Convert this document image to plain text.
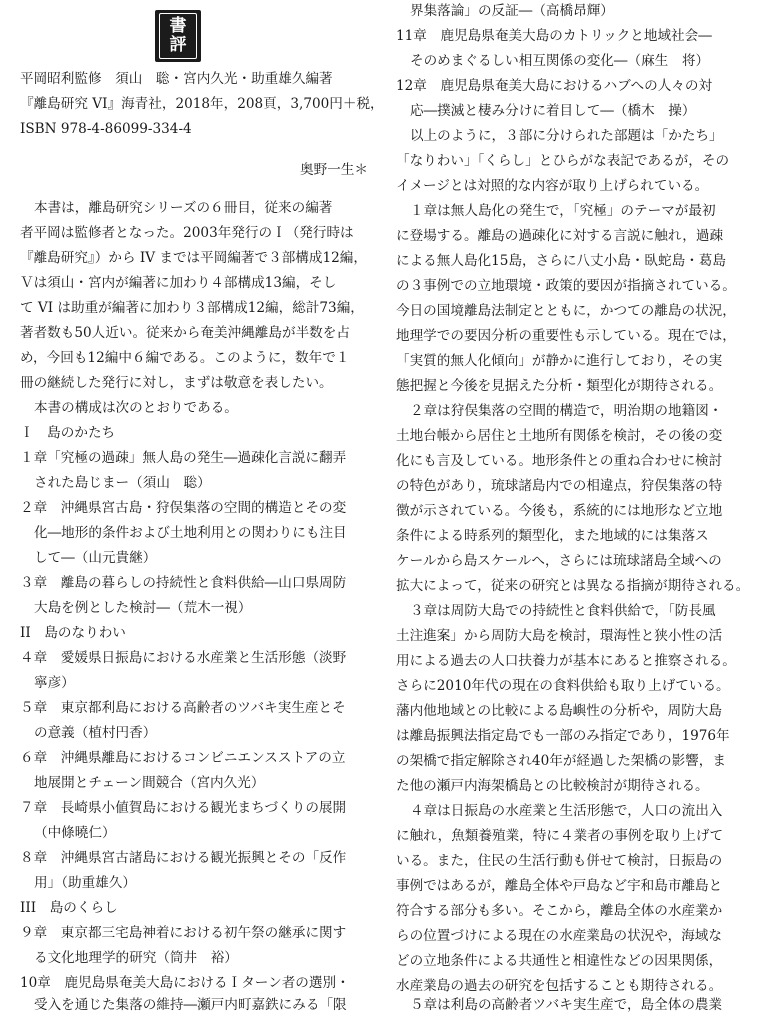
書
評
奥野一生＊
平岡昭利監修　須山　聡・宮内久光・助重雄久編著
『離島研究 VI』海青社，2018年，208頁，3,700円＋税，
ISBN 978-4-86099-334-4
本書は，離島研究シリーズの６冊目，従来の編著
者平岡は監修者となった。2003年発行のＩ（発行時は
『離島研究』）から IV までは平岡編著で３部構成12編，
Ｖは須山・宮内が編著に加わり４部構成13編，そし
て VI は助重が編著に加わり３部構成12編，総計73編，
著者数も50人近い。従来から奄美沖縄離島が半数を占
め，今回も12編中６編である。このように，数年で１
冊の継続した発行に対し，まずは敬意を表したい。
本書の構成は次のとおりである。
Ｉ　島のかたち
１章「究極の過疎」無人島の発生―過疎化言説に翻弄
された島じまー（須山　聡）
２章　沖縄県宮古島・狩俣集落の空間的構造とその変
化―地形的条件および土地利用との関わりにも注目
して―（山元貴継）
３章　離島の暮らしの持続性と食料供給―山口県周防
大島を例とした検討―（荒木一視）
II　島のなりわい
４章　愛媛県日振島における水産業と生活形態（淡野
寧彦）
５章　東京都利島における高齢者のツバキ実生産とそ
の意義（植村円香）
６章　沖縄県離島におけるコンビニエンスストアの立
地展開とチェーン間競合（宮内久光）
７章　長崎県小値賀島における観光まちづくりの展開
（中條曉仁）
８章　沖縄県宮古諸島における観光振興とその「反作
用」（助重雄久）
III　島のくらし
９章　東京都三宅島神着における初午祭の継承に関す
る文化地理学的研究（筒井　裕）
10章　鹿児島県奄美大島におけるＩターン者の選別・
受入を通じた集落の維持―瀬戸内町嘉鉄にみる「限
界集落論」の反証―（高橋昂輝）
11章　鹿児島県奄美大島のカトリックと地域社会―
そのめまぐるしい相互関係の変化―（麻生　将）
12章　鹿児島県奄美大島におけるハブへの人々の対
応―撲滅と棲み分けに着目して―（橋木　操）
以上のように，３部に分けられた部題は「かたち」
「なりわい」「くらし」とひらがな表記であるが，その
イメージとは対照的な内容が取り上げられている。
１章は無人島化の発生で，「究極」のテーマが最初
に登場する。離島の過疎化に対する言説に触れ，過疎
による無人島化15島，さらに八丈小島・臥蛇島・葛島
の３事例での立地環境・政策的要因が指摘されている。
今日の国境離島法制定とともに，かつての離島の状況，
地理学での要因分析の重要性も示している。現在では，
「実質的無人化傾向」が静かに進行しており，その実
態把握と今後を見据えた分析・類型化が期待される。
２章は狩俣集落の空間的構造で，明治期の地籍図・
土地台帳から居住と土地所有関係を検討，その後の変
化にも言及している。地形条件との重ね合わせに検討
の特色があり，琉球諸島内での相違点，狩俣集落の特
徴が示されている。今後も，系統的には地形など立地
条件による時系列的類型化，また地域的には集落ス
ケールから島スケールへ，さらには琉球諸島全域への
拡大によって，従来の研究とは異なる指摘が期待される。
３章は周防大島での持続性と食料供給で，「防長風
土注進案」から周防大島を検討，環海性と狭小性の活
用による過去の人口扶養力が基本にあると推察される。
さらに2010年代の現在の食料供給も取り上げている。
藩内他地域との比較による島嶼性の分析や，周防大島
は離島振興法指定島でも一部のみ指定であり，1976年
の架橋で指定解除され40年が経過した架橋の影響，ま
た他の瀬戸内海架橋島との比較検討が期待される。
４章は日振島の水産業と生活形態で，人口の流出入
に触れ，魚類養殖業，特に４業者の事例を取り上げて
いる。また，住民の生活行動も併せて検討，日振島の
事例ではあるが，離島全体や戸島など宇和島市離島と
符合する部分も多い。そこから，離島全体の水産業か
らの位置づけによる現在の水産業島の状況や，海域な
どの立地条件による共通性と相違性などの因果関係，
水産業島の過去の研究を包括することも期待される。
５章は利島の高齢者ツバキ実生産で，島全体の農業
